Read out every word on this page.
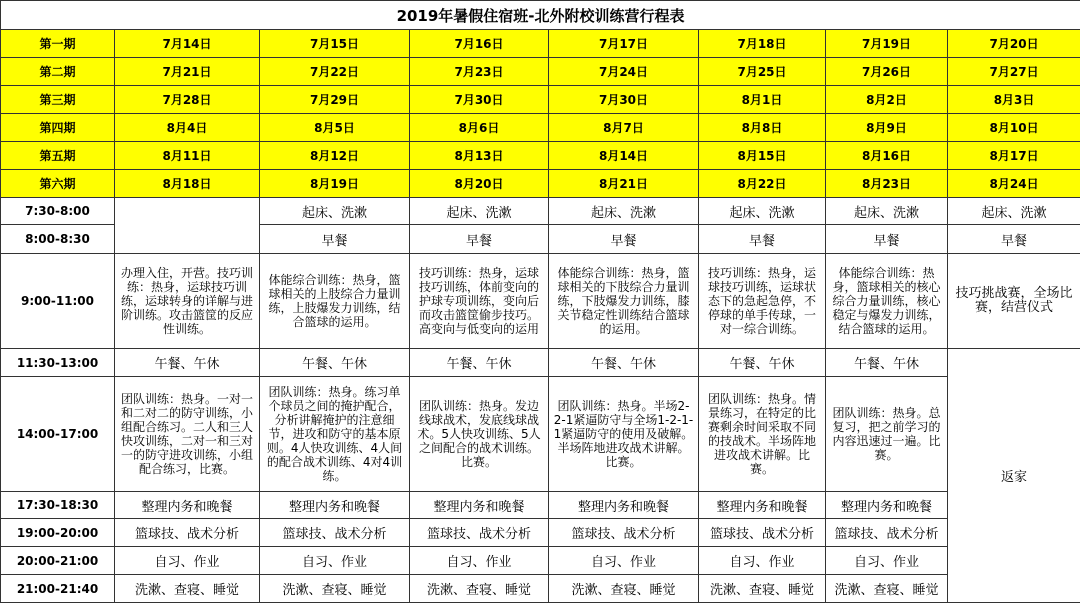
2019年暑假住宿班-北外附校训练营行程表							
第一期	7月14日	7月15日	7月16日	7月17日	7月18日	7月19日	7月20日
第二期	7月21日	7月22日	7月23日	7月24日	7月25日	7月26日	7月27日
第三期	7月28日	7月29日	7月30日	7月30日	8月1日	8月2日	8月3日
第四期	8月4日	8月5日	8月6日	8月7日	8月8日	8月9日	8月10日
第五期	8月11日	8月12日	8月13日	8月14日	8月15日	8月16日	8月17日
第六期	8月18日	8月19日	8月20日	8月21日	8月22日	8月23日	8月24日
7:30-8:00		起床、洗漱	起床、洗漱	起床、洗漱	起床、洗漱	起床、洗漱	起床、洗漱
8:00-8:30		早餐	早餐	早餐	早餐	早餐	早餐
9:00-11:00	办理入住，开营。技巧训练：热身，运球技巧训练，运球转身的详解与进阶训练。攻击篮筐的反应性训练。	体能综合训练：热身，篮球相关的上肢综合力量训练，上肢爆发力训练，结合篮球的运用。	技巧训练：热身，运球技巧训练，体前变向的护球专项训练，变向后而攻击篮筐偷步技巧。高变向与低变向的运用	体能综合训练：热身，篮球相关的下肢综合力量训练，下肢爆发力训练，膝关节稳定性训练结合篮球的运用。	技巧训练：热身，运球技巧训练，运球状态下的急起急停，不停球的单手传球，一对一综合训练。	体能综合训练：热身，篮球相关的核心综合力量训练，核心稳定与爆发力训练，结合篮球的运用。	技巧挑战赛，全场比赛，结营仪式
11:30-13:00	午餐、午休	午餐、午休	午餐、午休	午餐、午休	午餐、午休	午餐、午休	返家
14:00-17:00	团队训练：热身。一对一和二对二的防守训练，小组配合练习。二人和三人快攻训练，二对一和三对一的防守进攻训练，小组配合练习，比赛。	团队训练：热身。练习单个球员之间的掩护配合，分析讲解掩护的注意细节，进攻和防守的基本原则。4人快攻训练、4人间的配合战术训练、4对4训练。	团队训练：热身。发边线球战术，发底线球战术。5人快攻训练、5人之间配合的战术训练。比赛。	团队训练：热身。半场2-2-1紧逼防守与全场1-2-1-1紧逼防守的使用及破解。半场阵地进攻战术讲解。比赛。	团队训练：热身。情景练习，在特定的比赛剩余时间采取不同的技战术。半场阵地进攻战术讲解。比赛。	团队训练：热身。总复习，把之前学习的内容迅速过一遍。比赛。	
17:30-18:30	整理内务和晚餐	整理内务和晚餐	整理内务和晚餐	整理内务和晚餐	整理内务和晚餐	整理内务和晚餐	
19:00-20:00	篮球技、战术分析	篮球技、战术分析	篮球技、战术分析	篮球技、战术分析	篮球技、战术分析	篮球技、战术分析	
20:00-21:00	自习、作业	自习、作业	自习、作业	自习、作业	自习、作业	自习、作业	
21:00-21:40	洗漱、查寝、睡觉	洗漱、查寝、睡觉	洗漱、查寝、睡觉	洗漱、查寝、睡觉	洗漱、查寝、睡觉	洗漱、查寝、睡觉	
